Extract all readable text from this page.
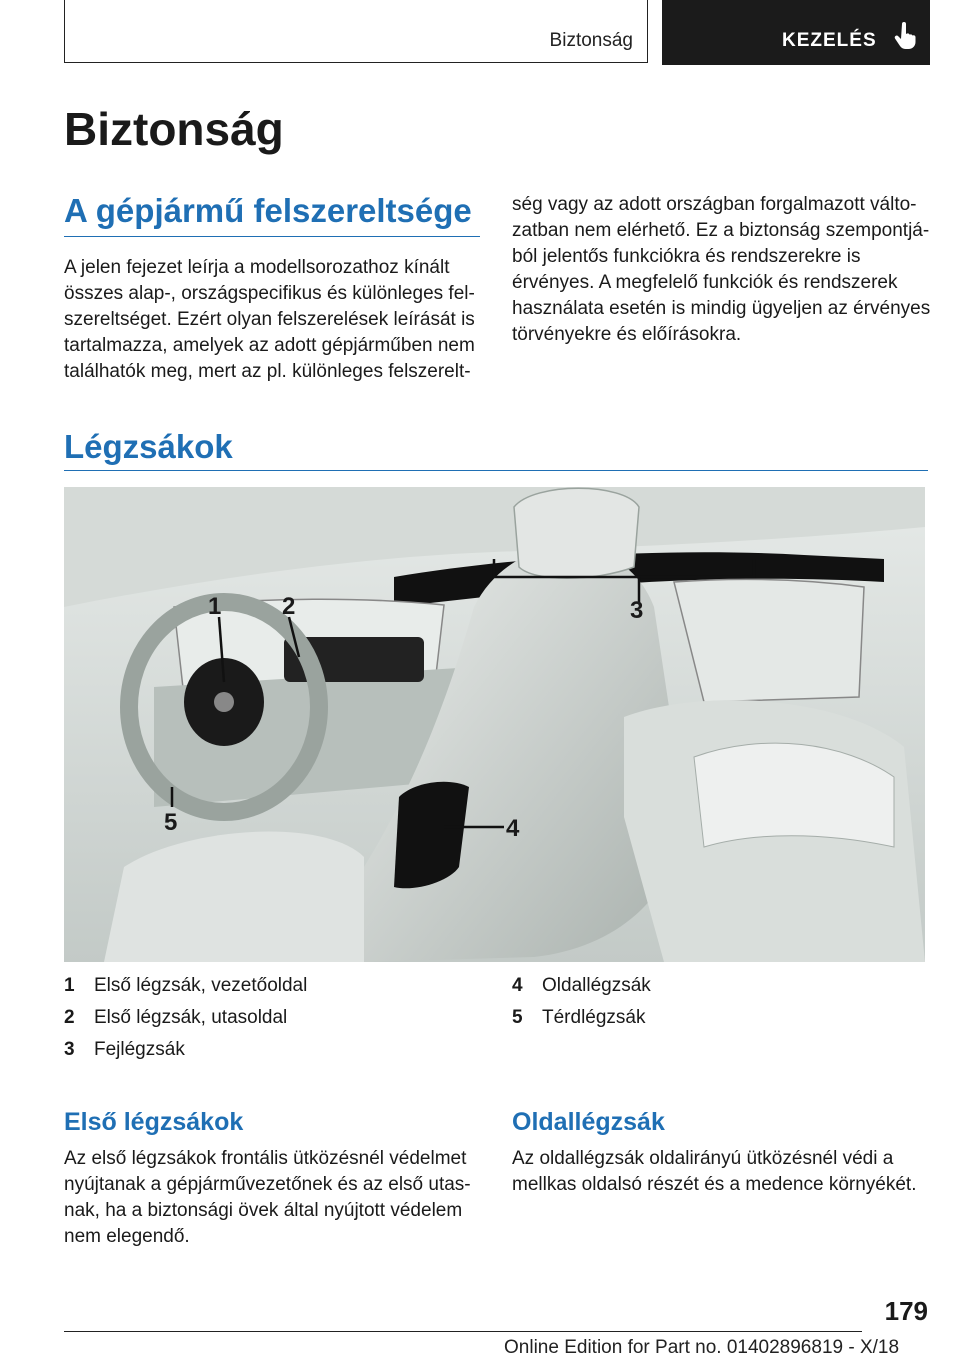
Biztonság	KEZELÉS
Biztonság
A gépjármű felszereltsége
A jelen fejezet leírja a modellsorozathoz kínált
összes alap-, országspecifikus és különleges fel-
szereltséget. Ezért olyan felszerelések leírását is
tartalmazza, amelyek az adott gépjárműben nem
találhatók meg, mert az pl. különleges felszerelt-
ség vagy az adott országban forgalmazott válto-
zatban nem elérhető. Ez a biztonság szempontjá-
ból jelentős funkciókra és rendszerekre is
érvényes. A megfelelő funkciók és rendszerek
használata esetén is mindig ügyeljen az érvényes
törvényekre és előírásokra.
Légzsákok
1	2	3
4
5
1	Első légzsák, vezetőoldal
2	Első légzsák, utasoldal
3	Fejlégzsák
4	Oldallégzsák
5	Térdlégzsák
Első légzsákok
Az első légzsákok frontális ütközésnél védelmet
nyújtanak a gépjárművezetőnek és az első utas-
nak, ha a biztonsági övek által nyújtott védelem
nem elegendő.
Oldallégzsák
Az oldallégzsák oldalirányú ütközésnél védi a
mellkas oldalsó részét és a medence környékét.
179
Online Edition for Part no. 01402896819 - X/18
